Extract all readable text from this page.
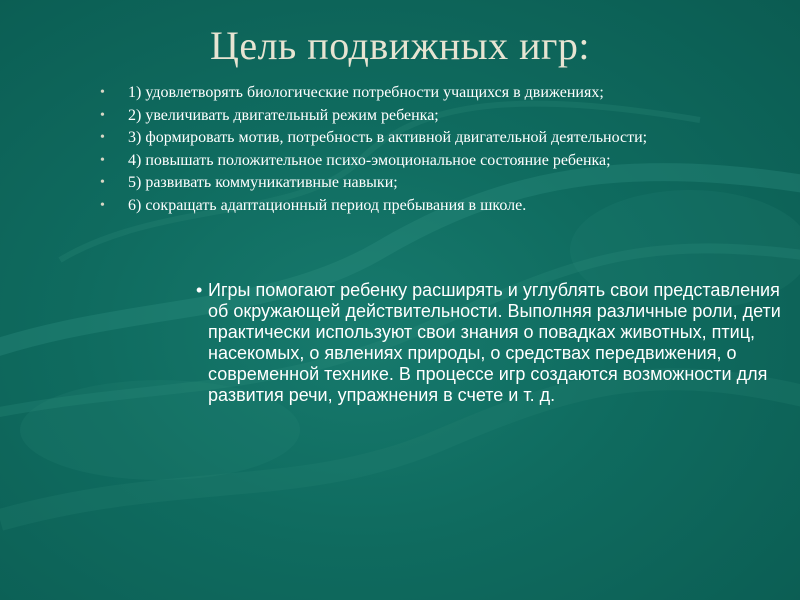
Цель подвижных игр:
• 1) удовлетворять биологические потребности учащихся в движениях;
• 2) увеличивать двигательный режим ребенка;
• 3) формировать мотив, потребность в активной двигательной деятельности;
• 4) повышать положительное психо-эмоциональное состояние ребенка;
• 5) развивать коммуникативные навыки;
• 6) сокращать адаптационный период пребывания в школе.
• Игры помогают ребенку расширять и углублять свои представления об окружающей действительности. Выполняя различные роли, дети практически используют свои знания о повадках животных, птиц, насекомых, о явлениях природы, о средствах передвижения, о современной технике. В процессе игр создаются возможности для развития речи, упражнения в счете и т. д.
